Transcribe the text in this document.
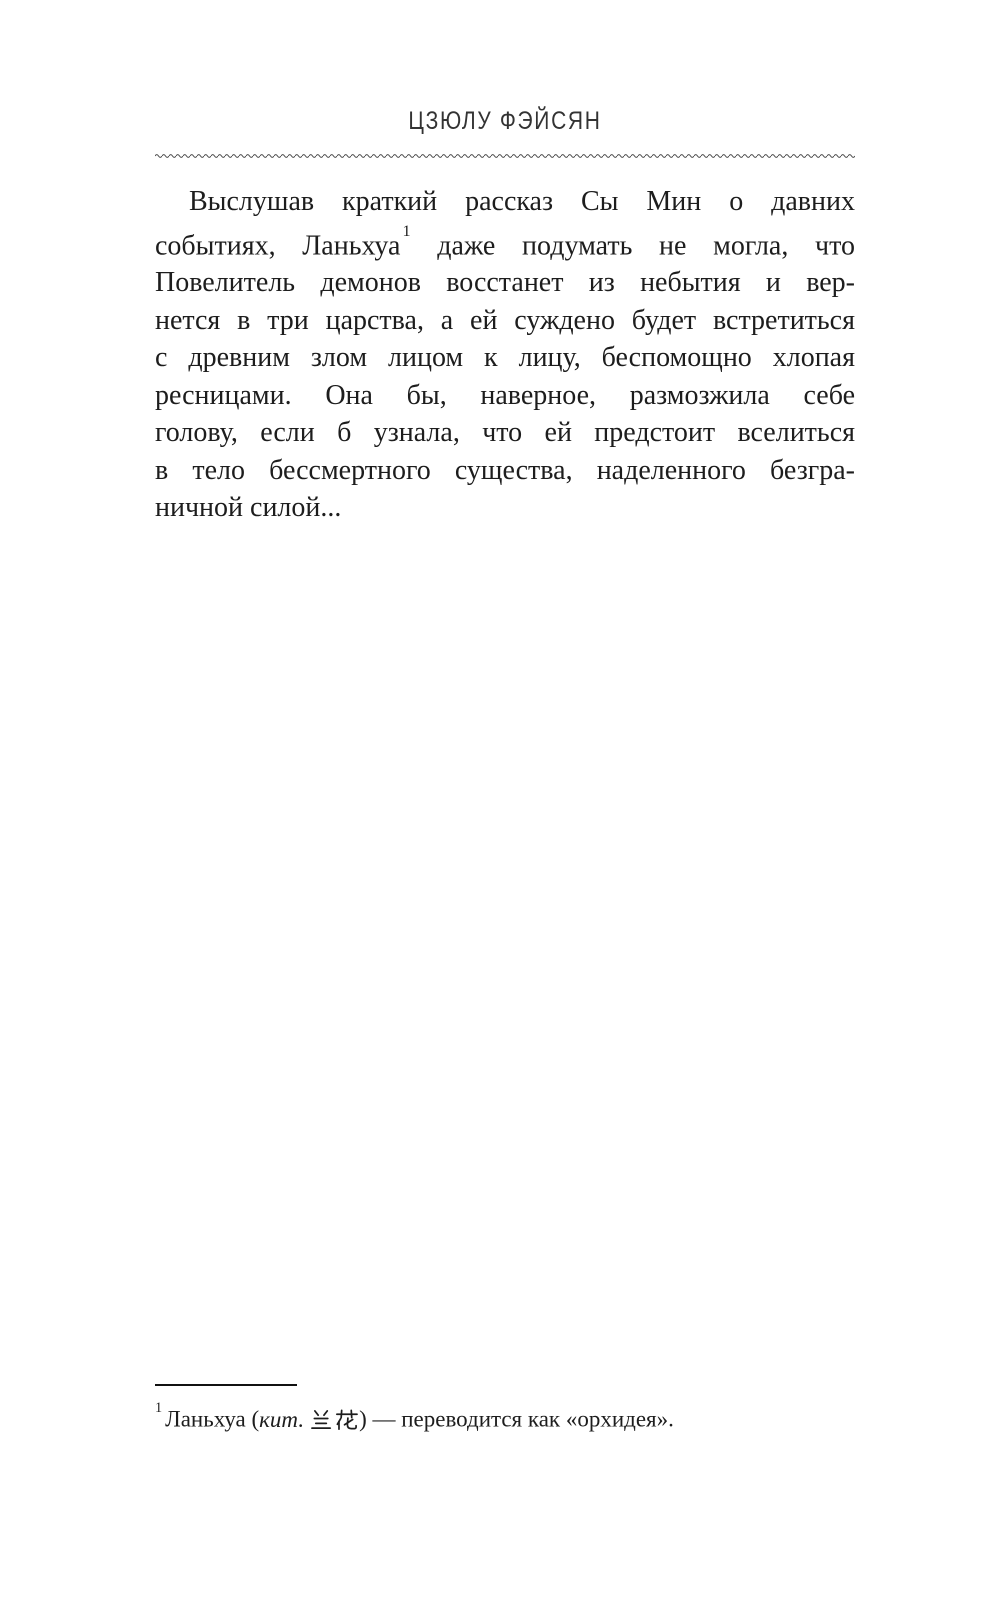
ЦЗЮЛУ ФЭЙСЯН
Выслушав краткий рассказ Сы Мин о давних
событиях, Ланьхуа $^1$ даже подумать не могла, что
Повелитель демонов восстанет из небытия и вер-
нется в три царства, а ей суждено будет встретиться
с древним злом лицом к лицу, беспомощно хлопая
ресницами. Она бы, наверное, размозжила себе
голову, если б узнала, что ей предстоит вселиться
в тело бессмертного существа, наделенного безгра-
ничной силой...
$^1$ Ланьхуа (кит. ) — переводится как «орхидея».
